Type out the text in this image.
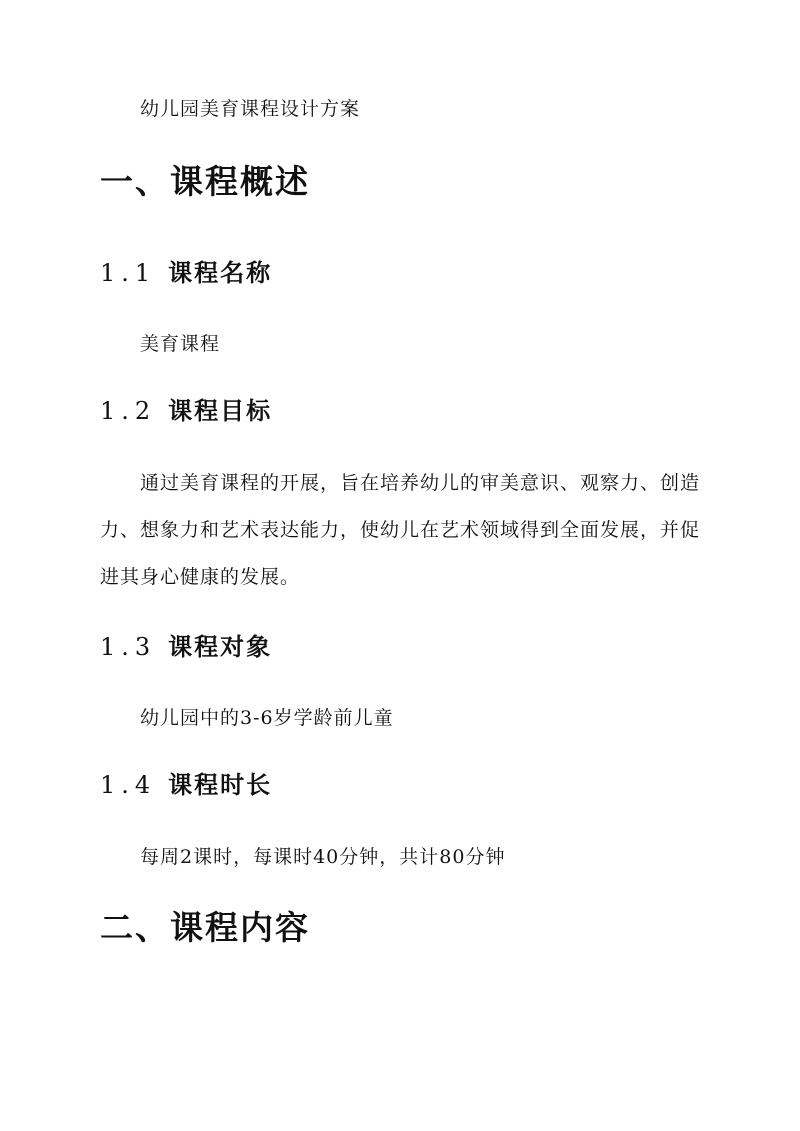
幼儿园美育课程设计方案
一、课程概述
1.1 课程名称

美育课程

1.2 课程目标

通过美育课程的开展，旨在培养幼儿的审美意识、观察力、创造力、想象力和艺术表达能力，使幼儿在艺术领域得到全面发展，并促进其身心健康的发展。

1.3 课程对象

幼儿园中的3-6岁学龄前儿童

1.4 课程时长

每周2课时，每课时40分钟，共计80分钟

二、课程内容
